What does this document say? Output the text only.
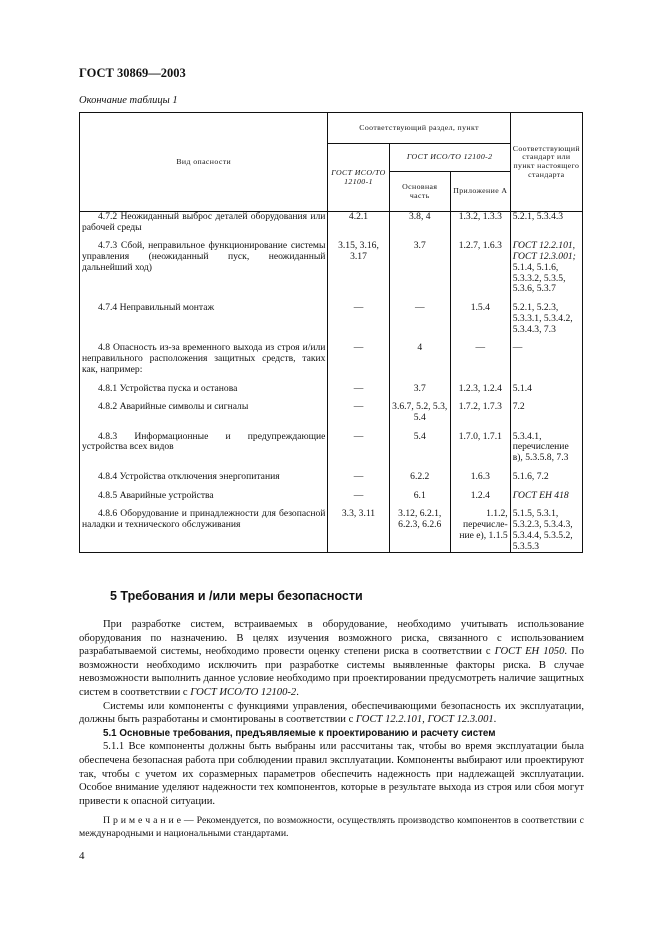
ГОСТ 30869—2003
Окончание таблицы 1
Вид опасности	Соответствующий раздел, пункт			Соответствующий стандарт или пункт настоящего стандарта
	ГОСТ ИСО/ТО 12100-1	ГОСТ ИСО/ТО 12100-2		
		Основная часть	Приложение А	
4.7.2 Неожиданный выброс деталей оборудования или рабочей среды	4.2.1	3.8, 4	1.3.2, 1.3.3	5.2.1, 5.3.4.3

4.7.3 Сбой, неправильное функционирование системы управления (неожиданный пуск, неожиданный дальнейший ход)	3.15, 3.16, 3.17	3.7	1.2.7, 1.6.3	ГОСТ 12.2.101, ГОСТ 12.3.001;
5.1.4, 5.1.6, 5.3.3.2, 5.3.5, 5.3.6, 5.3.7

4.7.4 Неправильный монтаж	—	—	1.5.4	5.2.1, 5.2.3, 5.3.3.1, 5.3.4.2, 5.3.4.3, 7.3

4.8 Опасность из-за временного выхода из строя и/или неправильного расположения защитных средств, таких как, например:	—	4	—	—

4.8.1 Устройства пуска и останова	—	3.7	1.2.3, 1.2.4	5.1.4

4.8.2 Аварийные символы и сигналы	—	3.6.7, 5.2, 5.3, 5.4	1.7.2, 1.7.3	7.2

4.8.3 Информационные и предупреждающие устройства всех видов	—	5.4	1.7.0, 1.7.1	5.3.4.1, перечисление в), 5.3.5.8, 7.3

4.8.4 Устройства отключения энергопитания	—	6.2.2	1.6.3	5.1.6, 7.2

4.8.5 Аварийные устройства	—	6.1	1.2.4	ГОСТ ЕН 418

4.8.6 Оборудование и принадлежности для безопасной наладки и технического обслуживания	3.3, 3.11	3.12, 6.2.1, 6.2.3, 6.2.6	1.1.2, перечисление е), 1.1.5	5.1.5, 5.3.1, 5.3.2.3, 5.3.4.3, 5.3.4.4, 5.3.5.2, 5.3.5.3
5 Требования и /или меры безопасности

При разработке систем, встраиваемых в оборудование, необходимо учитывать использование оборудования по назначению. В целях изучения возможного риска, связанного с использованием разрабатываемой системы, необходимо провести оценку степени риска в соответствии с ГОСТ ЕН 1050. По возможности необходимо исключить при разработке системы выявленные факторы риска. В случае невозможности выполнить данное условие необходимо при проектировании предусмотреть наличие защитных систем в соответствии с ГОСТ ИСО/ТО 12100-2.

Системы или компоненты с функциями управления, обеспечивающими безопасность их эксплуатации, должны быть разработаны и смонтированы в соответствии с ГОСТ 12.2.101, ГОСТ 12.3.001.

5.1 Основные требования, предъявляемые к проектированию и расчету систем

5.1.1 Все компоненты должны быть выбраны или рассчитаны так, чтобы во время эксплуатации была обеспечена безопасная работа при соблюдении правил эксплуатации. Компоненты выбирают или проектируют так, чтобы с учетом их соразмерных параметров обеспечить надежность при надлежащей эксплуатации. Особое внимание уделяют надежности тех компонентов, которые в результате выхода из строя или сбоя могут привести к опасной ситуации.

П р и м е ч а н и е — Рекомендуется, по возможности, осуществлять производство компонентов в соответствии с международными и национальными стандартами.

4
